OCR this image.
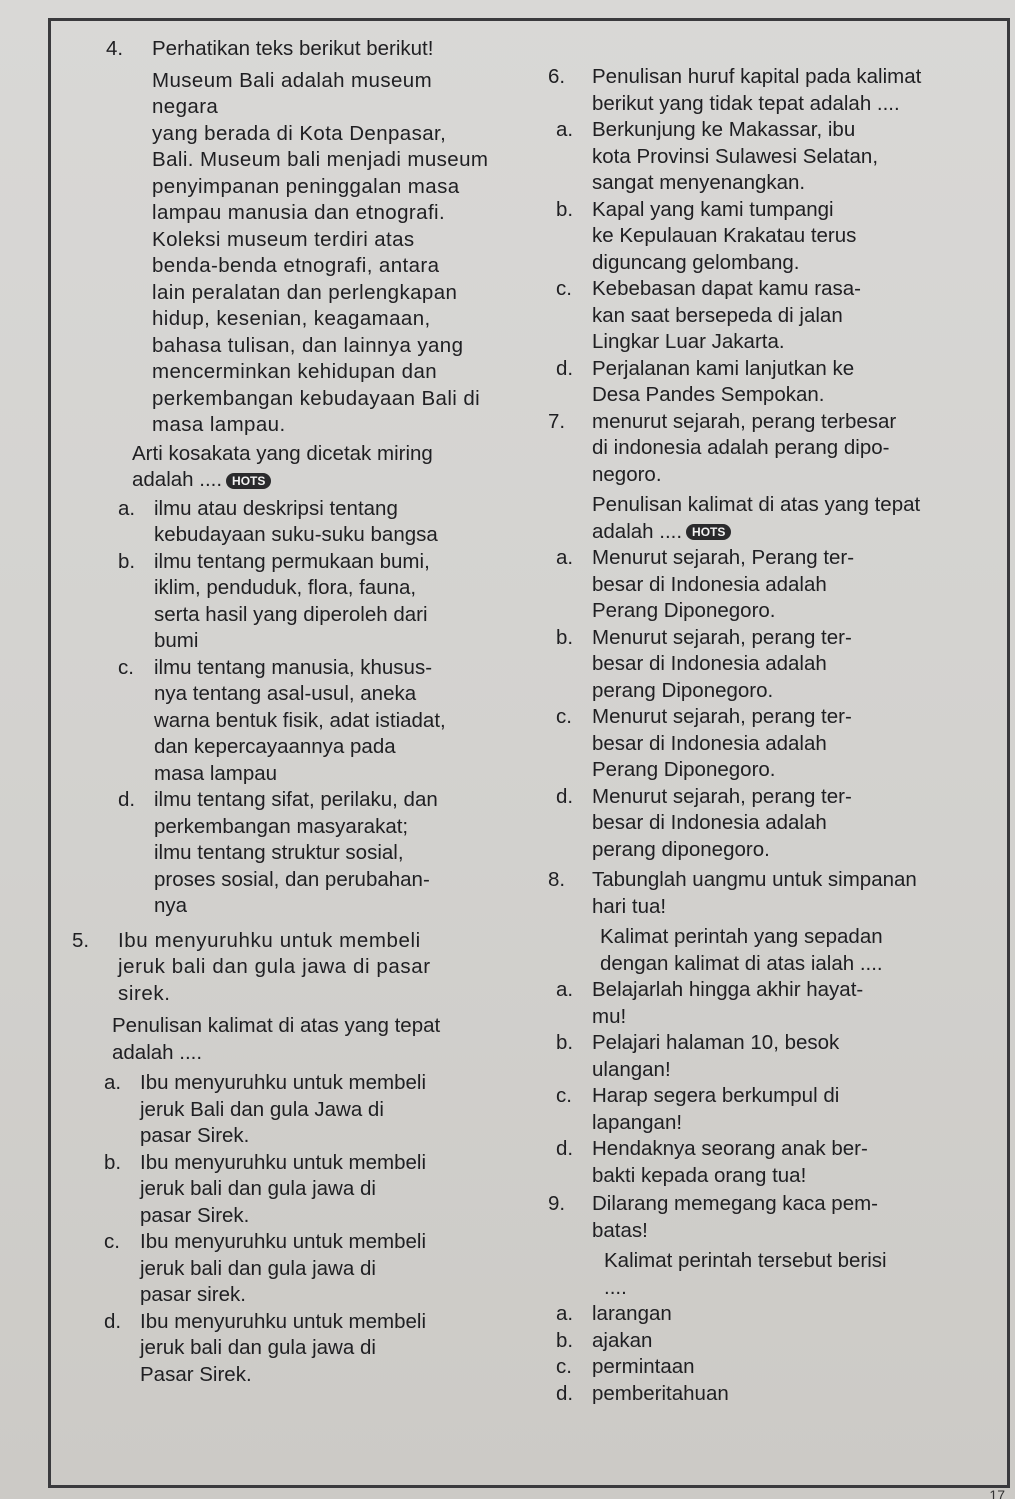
4. Perhatikan teks berikut berikut!
Museum Bali adalah museum negara
yang berada di Kota Denpasar,
Bali. Museum bali menjadi museum
penyimpanan peninggalan masa
lampau manusia dan etnografi.
Koleksi museum terdiri atas
benda-benda etnografi, antara
lain peralatan dan perlengkapan
hidup, kesenian, keagamaan,
bahasa tulisan, dan lainnya yang
mencerminkan kehidupan dan
perkembangan kebudayaan Bali di
masa lampau.
Arti kosakata yang dicetak miring
adalah .... HOTS
a. ilmu atau deskripsi tentang
kebudayaan suku-suku bangsa
b. ilmu tentang permukaan bumi,
iklim, penduduk, flora, fauna,
serta hasil yang diperoleh dari
bumi
c. ilmu tentang manusia, khusus-
nya tentang asal-usul, aneka
warna bentuk fisik, adat istiadat,
dan kepercayaannya pada
masa lampau
d. ilmu tentang sifat, perilaku, dan
perkembangan masyarakat;
ilmu tentang struktur sosial,
proses sosial, dan perubahan-
nya
5. Ibu menyuruhku untuk membeli
jeruk bali dan gula jawa di pasar
sirek.
Penulisan kalimat di atas yang tepat
adalah ....
a. Ibu menyuruhku untuk membeli
jeruk Bali dan gula Jawa di
pasar Sirek.
b. Ibu menyuruhku untuk membeli
jeruk bali dan gula jawa di
pasar Sirek.
c. Ibu menyuruhku untuk membeli
jeruk bali dan gula jawa di
pasar sirek.
d. Ibu menyuruhku untuk membeli
jeruk bali dan gula jawa di
Pasar Sirek.
6. Penulisan huruf kapital pada kalimat
berikut yang tidak tepat adalah ....
a. Berkunjung ke Makassar, ibu
kota Provinsi Sulawesi Selatan,
sangat menyenangkan.
b. Kapal yang kami tumpangi
ke Kepulauan Krakatau terus
diguncang gelombang.
c. Kebebasan dapat kamu rasa-
kan saat bersepeda di jalan
Lingkar Luar Jakarta.
d. Perjalanan kami lanjutkan ke
Desa Pandes Sempokan.
7. menurut sejarah, perang terbesar
di indonesia adalah perang dipo-
negoro.
Penulisan kalimat di atas yang tepat
adalah .... HOTS
a. Menurut sejarah, Perang ter-
besar di Indonesia adalah
Perang Diponegoro.
b. Menurut sejarah, perang ter-
besar di Indonesia adalah
perang Diponegoro.
c. Menurut sejarah, perang ter-
besar di Indonesia adalah
Perang Diponegoro.
d. Menurut sejarah, perang ter-
besar di Indonesia adalah
perang diponegoro.
8. Tabunglah uangmu untuk simpanan
hari tua!
Kalimat perintah yang sepadan
dengan kalimat di atas ialah ....
a. Belajarlah hingga akhir hayat-
mu!
b. Pelajari halaman 10, besok
ulangan!
c. Harap segera berkumpul di
lapangan!
d. Hendaknya seorang anak ber-
bakti kepada orang tua!
9. Dilarang memegang kaca pem-
batas!
Kalimat perintah tersebut berisi
....
a. larangan
b. ajakan
c. permintaan
d. pemberitahuan
17
